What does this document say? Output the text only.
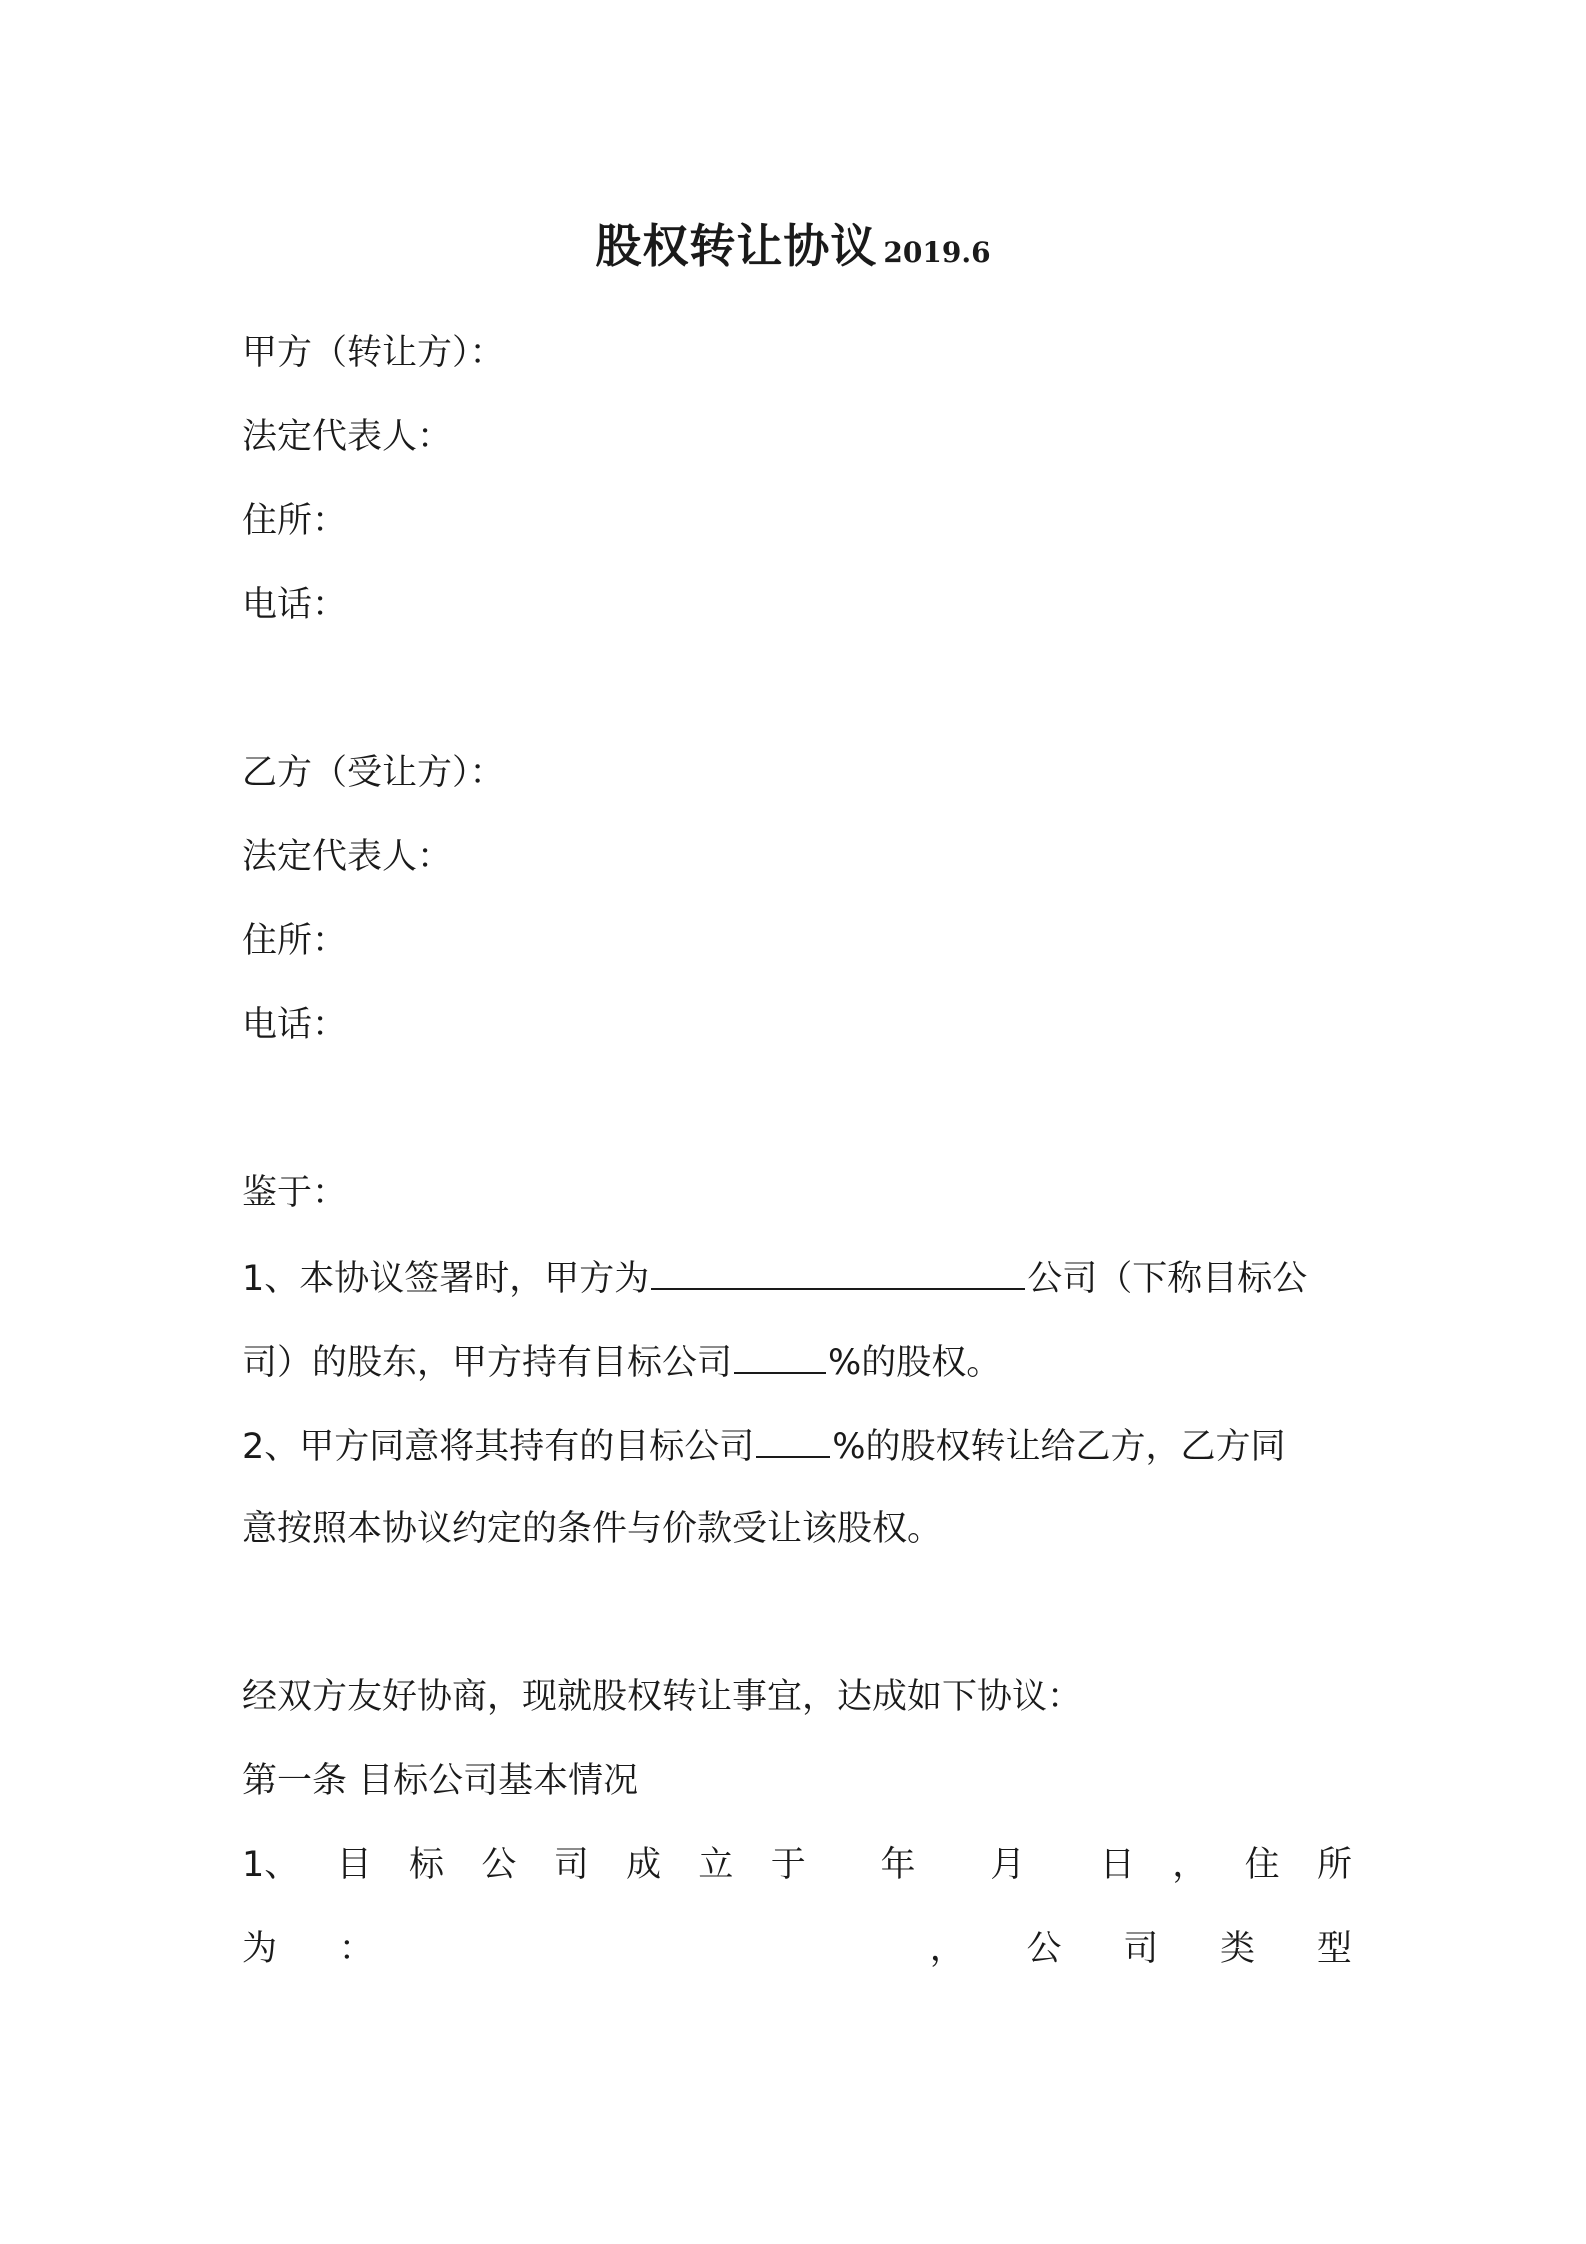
股权转让协议 2019.6
甲方（转让方）：
法定代表人：
住所：
电话：
乙方（受让方）：
法定代表人：
住所：
电话：
鉴于：
1、本协议签署时，甲方为	公司（下称目标公
司）的股东，甲方持有目标公司	%的股权。
2、甲方同意将其持有的目标公司 %的股权转让给乙方，乙方同
意按照本协议约定的条件与价款受让该股权。
经双方友好协商，现就股权转让事宜，达成如下协议：
第一条 目标公司基本情况
1、 目 标 公 司 成 立 于 年 月 日 ， 住 所
为 ：	， 公 司 类 型
